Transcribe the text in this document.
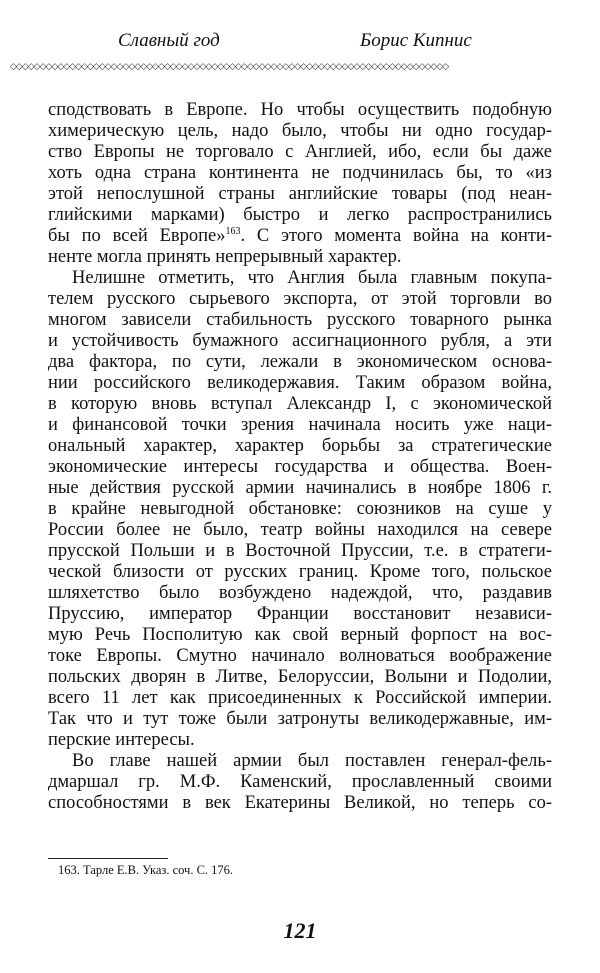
Славный год	Борис Кипнис
◇◇◇◇◇◇◇◇◇◇◇◇◇◇◇◇◇◇◇◇◇◇◇◇◇◇◇◇◇◇◇◇◇◇◇◇◇◇◇◇◇◇◇◇◇◇◇◇◇◇◇◇◇◇◇◇◇◇◇◇◇◇◇◇◇◇◇◇◇◇◇◇◇◇
сподствовать в Европе. Но чтобы осуществить подобную
химерическую цель, надо было, чтобы ни одно государ-
ство Европы не торговало с Англией, ибо, если бы даже
хоть одна страна континента не подчинилась бы, то «из
этой непослушной страны английские товары (под неан-
глийскими марками) быстро и легко распространились
бы по всей Европе»$^{163}$. С этого момента война на конти-
ненте могла принять непрерывный характер.
Нелишне отметить, что Англия была главным покупа-
телем русского сырьевого экспорта, от этой торговли во
многом зависели стабильность русского товарного рынка
и устойчивость бумажного ассигнационного рубля, а эти
два фактора, по сути, лежали в экономическом основа-
нии российского великодержавия. Таким образом война,
в которую вновь вступал Александр I, с экономической
и финансовой точки зрения начинала носить уже наци-
ональный характер, характер борьбы за стратегические
экономические интересы государства и общества. Воен-
ные действия русской армии начинались в ноябре 1806 г.
в крайне невыгодной обстановке: союзников на суше у
России более не было, театр войны находился на севере
прусской Польши и в Восточной Пруссии, т.е. в стратеги-
ческой близости от русских границ. Кроме того, польское
шляхетство было возбуждено надеждой, что, раздавив
Пруссию, император Франции восстановит независи-
мую Речь Посполитую как свой верный форпост на вос-
токе Европы. Смутно начинало волноваться воображение
польских дворян в Литве, Белоруссии, Волыни и Подолии,
всего 11 лет как присоединенных к Российской империи.
Так что и тут тоже были затронуты великодержавные, им-
перские интересы.
Во главе нашей армии был поставлен генерал-фель-
дмаршал гр. М.Ф. Каменский, прославленный своими
способностями в век Екатерины Великой, но теперь со-
163. Тарле Е.В. Указ. соч. С. 176.
121
